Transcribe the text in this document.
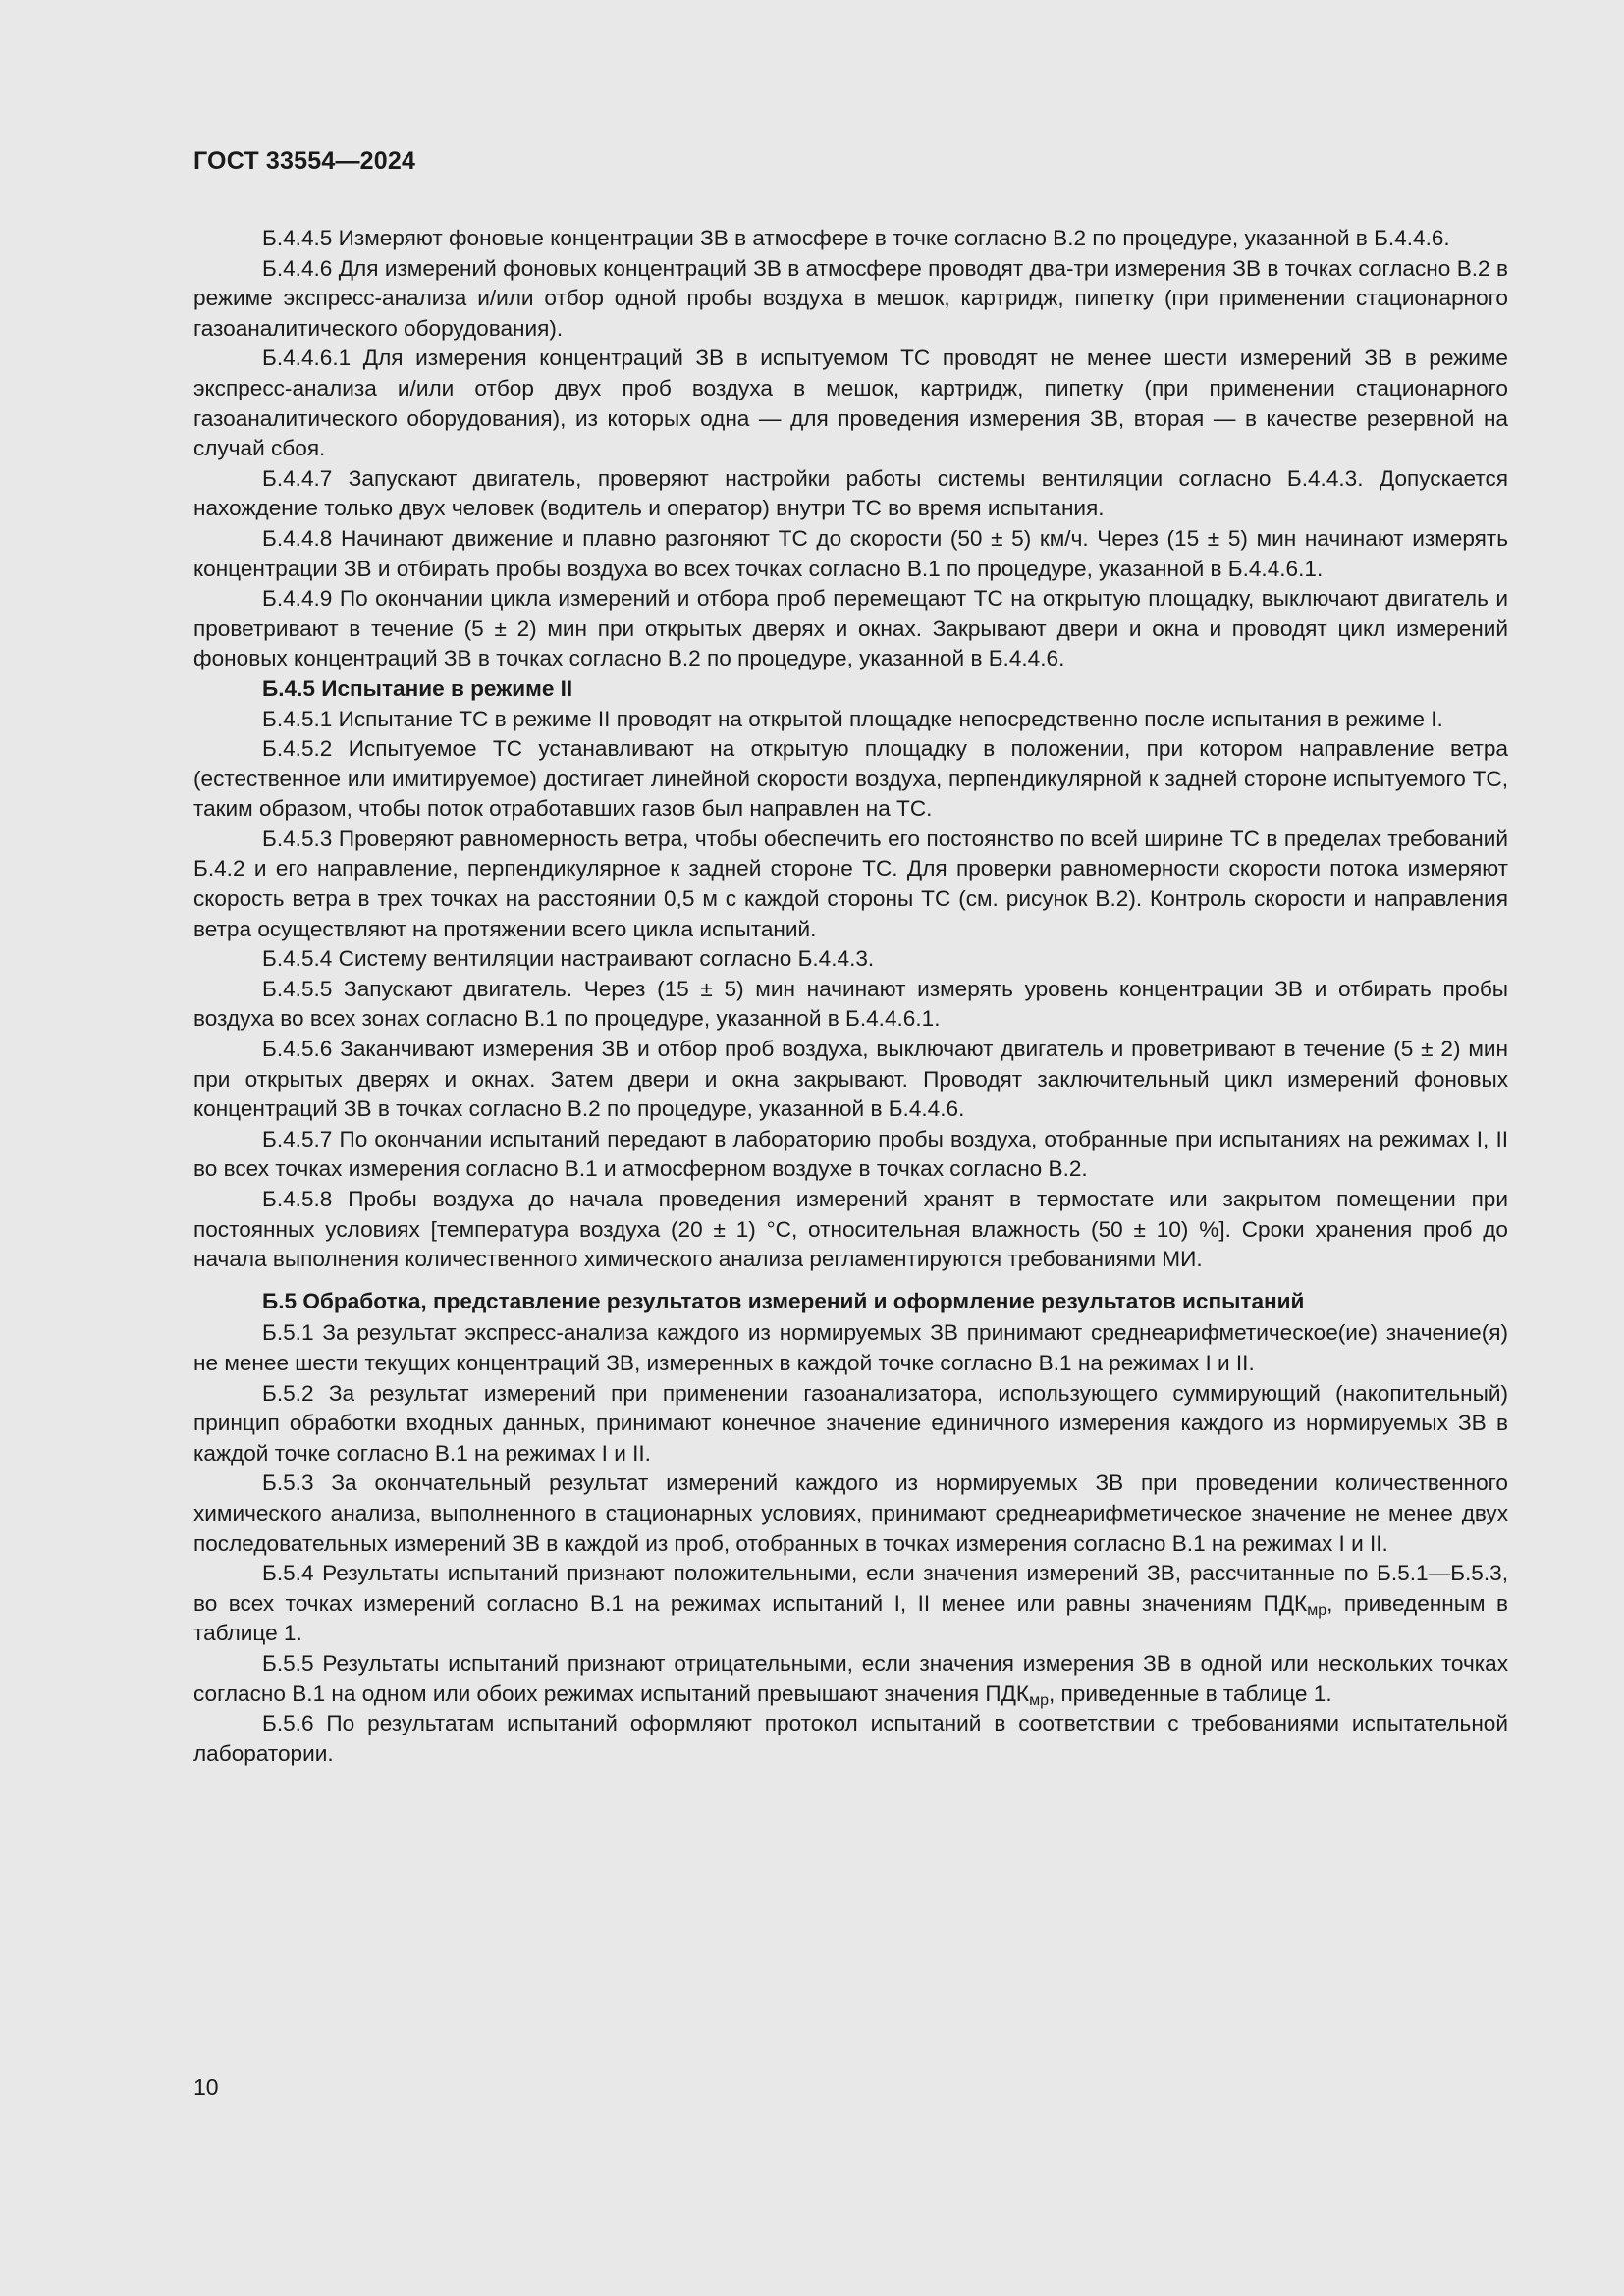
ГОСТ 33554—2024

Б.4.4.5 Измеряют фоновые концентрации ЗВ в атмосфере в точке согласно В.2 по процедуре, указанной в Б.4.4.6.

Б.4.4.6 Для измерений фоновых концентраций ЗВ в атмосфере проводят два-три измерения ЗВ в точках согласно В.2 в режиме экспресс-анализа и/или отбор одной пробы воздуха в мешок, картридж, пипетку (при применении стационарного газоаналитического оборудования).

Б.4.4.6.1 Для измерения концентраций ЗВ в испытуемом ТС проводят не менее шести измерений ЗВ в режиме экспресс-анализа и/или отбор двух проб воздуха в мешок, картридж, пипетку (при применении стационарного газоаналитического оборудования), из которых одна — для проведения измерения ЗВ, вторая — в качестве резервной на случай сбоя.

Б.4.4.7 Запускают двигатель, проверяют настройки работы системы вентиляции согласно Б.4.4.3. Допускается нахождение только двух человек (водитель и оператор) внутри ТС во время испытания.

Б.4.4.8 Начинают движение и плавно разгоняют ТС до скорости (50 ± 5) км/ч. Через (15 ± 5) мин начинают измерять концентрации ЗВ и отбирать пробы воздуха во всех точках согласно В.1 по процедуре, указанной в Б.4.4.6.1.

Б.4.4.9 По окончании цикла измерений и отбора проб перемещают ТС на открытую площадку, выключают двигатель и проветривают в течение (5 ± 2) мин при открытых дверях и окнах. Закрывают двери и окна и проводят цикл измерений фоновых концентраций ЗВ в точках согласно В.2 по процедуре, указанной в Б.4.4.6.

Б.4.5 Испытание в режиме II

Б.4.5.1 Испытание ТС в режиме II проводят на открытой площадке непосредственно после испытания в режиме I.

Б.4.5.2 Испытуемое ТС устанавливают на открытую площадку в положении, при котором направление ветра (естественное или имитируемое) достигает линейной скорости воздуха, перпендикулярной к задней стороне испытуемого ТС, таким образом, чтобы поток отработавших газов был направлен на ТС.

Б.4.5.3 Проверяют равномерность ветра, чтобы обеспечить его постоянство по всей ширине ТС в пределах требований Б.4.2 и его направление, перпендикулярное к задней стороне ТС. Для проверки равномерности скорости потока измеряют скорость ветра в трех точках на расстоянии 0,5 м с каждой стороны ТС (см. рисунок В.2). Контроль скорости и направления ветра осуществляют на протяжении всего цикла испытаний.

Б.4.5.4 Систему вентиляции настраивают согласно Б.4.4.3.

Б.4.5.5 Запускают двигатель. Через (15 ± 5) мин начинают измерять уровень концентрации ЗВ и отбирать пробы воздуха во всех зонах согласно В.1 по процедуре, указанной в Б.4.4.6.1.

Б.4.5.6 Заканчивают измерения ЗВ и отбор проб воздуха, выключают двигатель и проветривают в течение (5 ± 2) мин при открытых дверях и окнах. Затем двери и окна закрывают. Проводят заключительный цикл измерений фоновых концентраций ЗВ в точках согласно В.2 по процедуре, указанной в Б.4.4.6.

Б.4.5.7 По окончании испытаний передают в лабораторию пробы воздуха, отобранные при испытаниях на режимах I, II во всех точках измерения согласно В.1 и атмосферном воздухе в точках согласно В.2.

Б.4.5.8 Пробы воздуха до начала проведения измерений хранят в термостате или закрытом помещении при постоянных условиях [температура воздуха (20 ± 1) °С, относительная влажность (50 ± 10) %]. Сроки хранения проб до начала выполнения количественного химического анализа регламентируются требованиями МИ.

Б.5 Обработка, представление результатов измерений и оформление результатов испытаний

Б.5.1 За результат экспресс-анализа каждого из нормируемых ЗВ принимают среднеарифметическое(ие) значение(я) не менее шести текущих концентраций ЗВ, измеренных в каждой точке согласно В.1 на режимах I и II.

Б.5.2 За результат измерений при применении газоанализатора, использующего суммирующий (накопительный) принцип обработки входных данных, принимают конечное значение единичного измерения каждого из нормируемых ЗВ в каждой точке согласно В.1 на режимах I и II.

Б.5.3 За окончательный результат измерений каждого из нормируемых ЗВ при проведении количественного химического анализа, выполненного в стационарных условиях, принимают среднеарифметическое значение не менее двух последовательных измерений ЗВ в каждой из проб, отобранных в точках измерения согласно В.1 на режимах I и II.

Б.5.4 Результаты испытаний признают положительными, если значения измерений ЗВ, рассчитанные по Б.5.1—Б.5.3, во всех точках измерений согласно В.1 на режимах испытаний I, II менее или равны значениям $ПДК_{мр}$, приведенным в таблице 1.

Б.5.5 Результаты испытаний признают отрицательными, если значения измерения ЗВ в одной или нескольких точках согласно В.1 на одном или обоих режимах испытаний превышают значения $ПДК_{мр}$, приведенные в таблице 1.

Б.5.6 По результатам испытаний оформляют протокол испытаний в соответствии с требованиями испытательной лаборатории.

10
